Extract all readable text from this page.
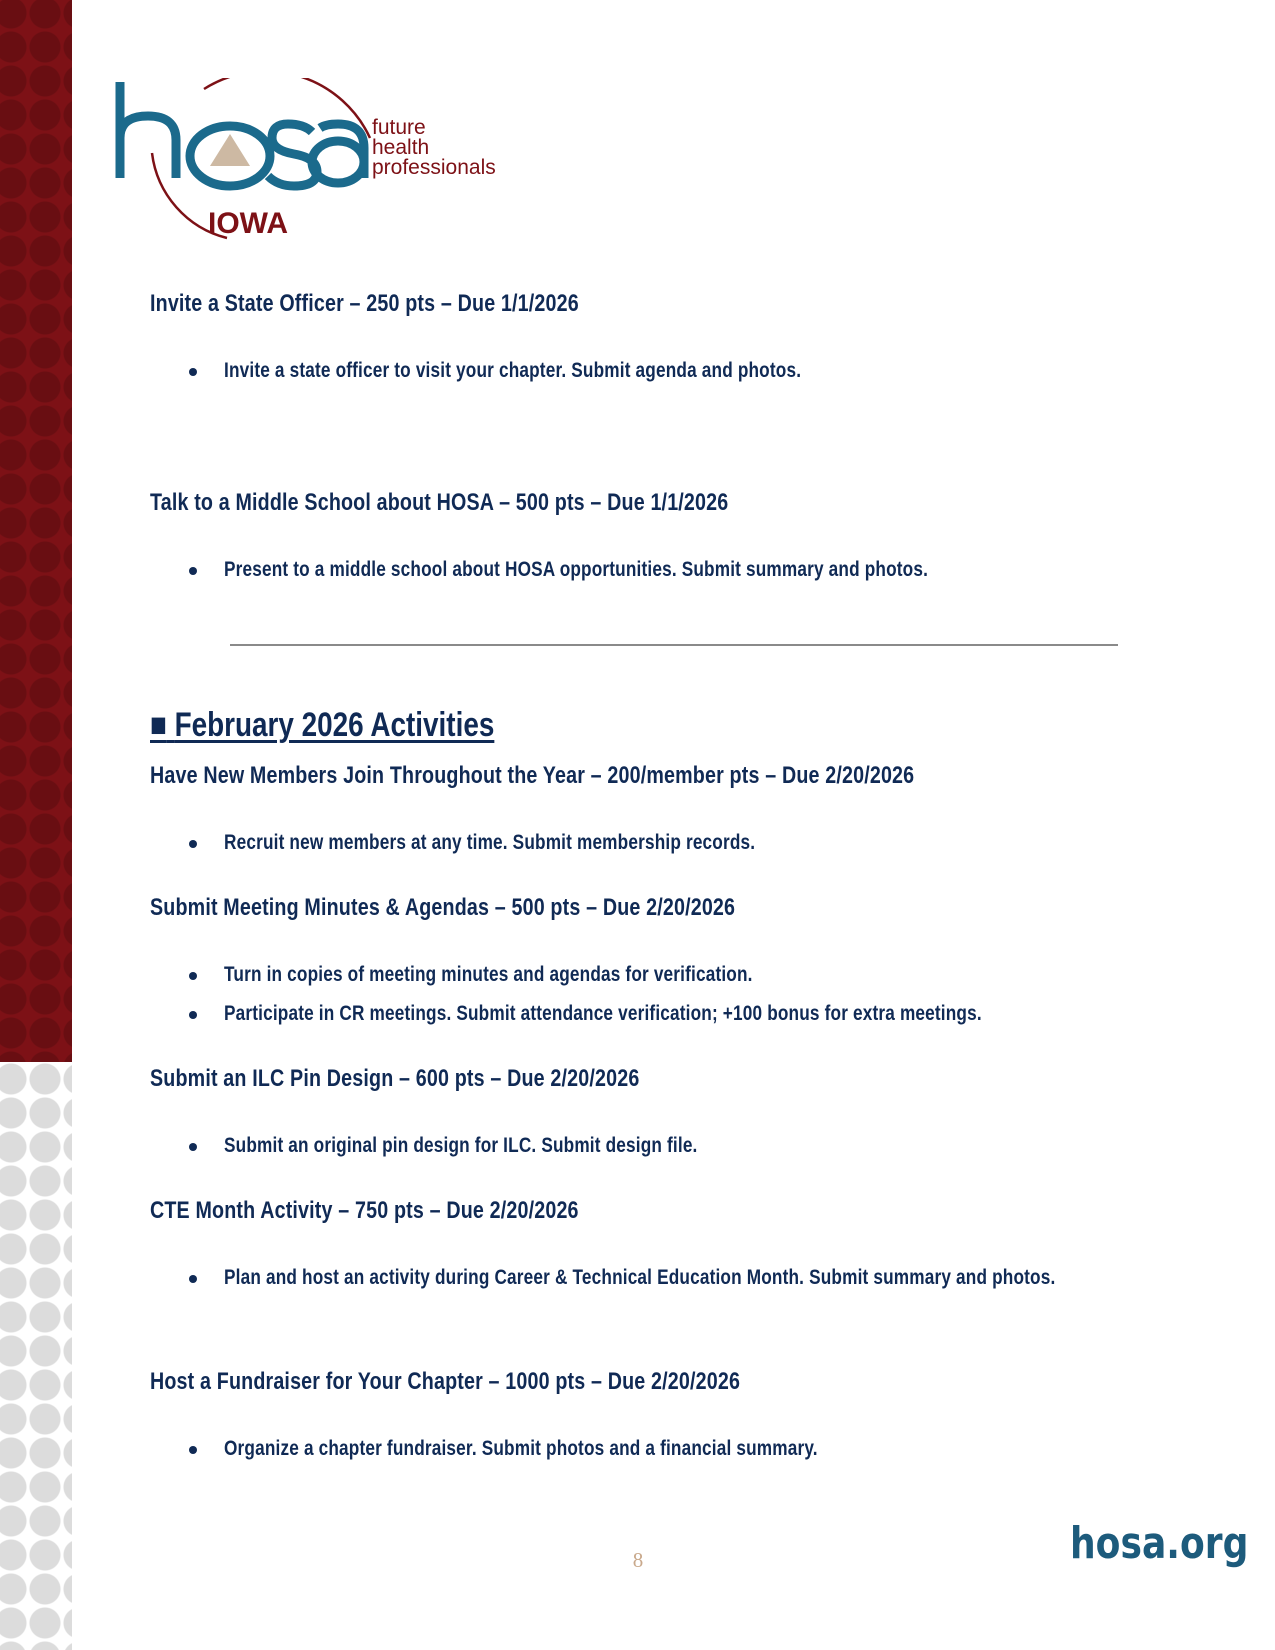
future
health
professionals
IOWA
Invite a State Officer – 250 pts – Due 1/1/2026

Invite a state officer to visit your chapter. Submit agenda and photos.

Talk to a Middle School about HOSA – 500 pts – Due 1/1/2026

Present to a middle school about HOSA opportunities. Submit summary and photos.

■ February 2026 Activities
Have New Members Join Throughout the Year – 200/member pts – Due 2/20/2026

Recruit new members at any time. Submit membership records.

Submit Meeting Minutes & Agendas – 500 pts – Due 2/20/2026

Turn in copies of meeting minutes and agendas for verification.

Participate in CR meetings. Submit attendance verification; +100 bonus for extra meetings.

Submit an ILC Pin Design – 600 pts – Due 2/20/2026

Submit an original pin design for ILC. Submit design file.

CTE Month Activity – 750 pts – Due 2/20/2026

Plan and host an activity during Career & Technical Education Month. Submit summary and photos.

Host a Fundraiser for Your Chapter – 1000 pts – Due 2/20/2026

Organize a chapter fundraiser. Submit photos and a financial summary.

8	hosa.org
